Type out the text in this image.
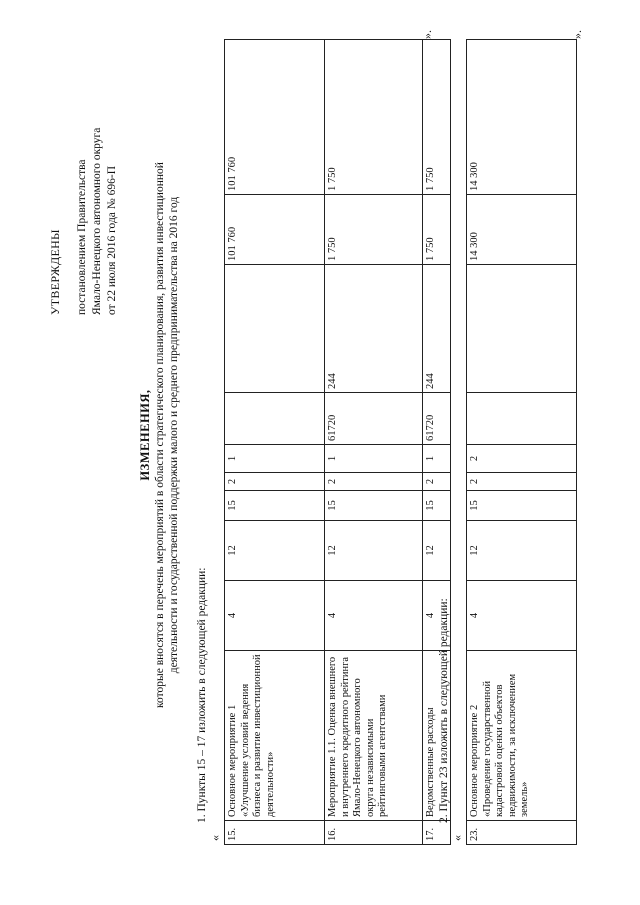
УТВЕРЖДЕНЫ постановлением Правительства Ямало-Ненецкого автономного округа от 22 июля 2016 года № 696-П
ИЗМЕНЕНИЯ, которые вносятся в перечень мероприятий в области стратегического планирования, развития инвестиционной деятельности и государственной поддержки малого и среднего предпринимательства на 2016 год
1. Пункты 15 – 17 изложить в следующей редакции:
« 15.	Основное мероприятие 1 «Улучшение условий ведения бизнеса и развитие инвестиционной деятельности»	4	12	15	2	1			101 760	101 760
16.	Мероприятие 1.1. Оценка внешнего и внутреннего кредитного рейтинга Ямало-Ненецкого автономного округа независимыми рейтинговыми агентствами	4	12	15	2	1	61720	244	1 750	1 750
17.	Ведомственные расходы	4	12	15	2	1	61720	244	1 750	1 750
».
2. Пункт 23 изложить в следующей редакции:
« 23.	Основное мероприятие 2 «Проведение государственной кадастровой оценки объектов недвижимости, за исключением земель»	4	12	15	2	2			14 300	14 300
».
